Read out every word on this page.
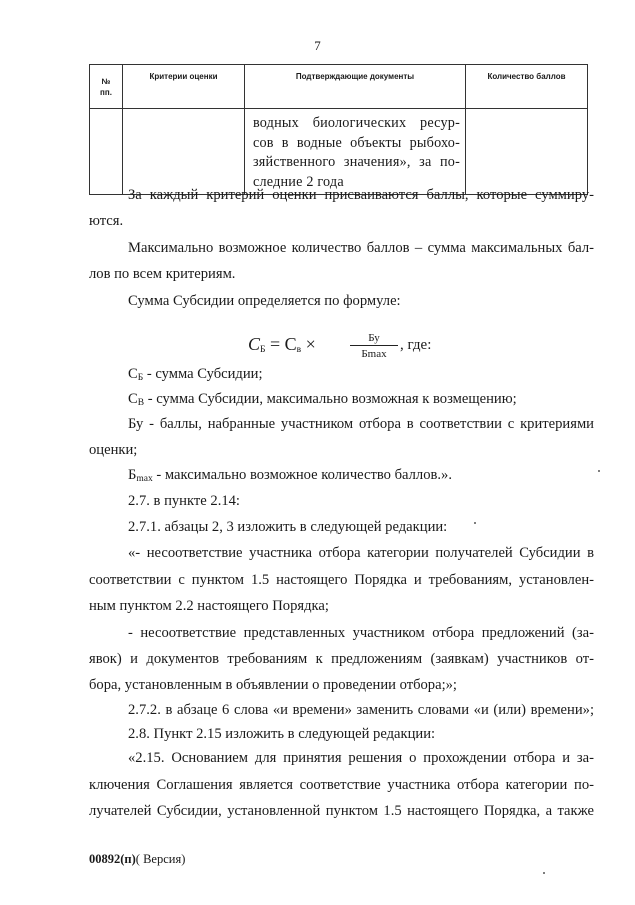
7
№
пп.	Критерии оценки	Подтверждающие документы	Количество баллов

		водных биологических ресур-
сов в водные объекты рыбохо-
зяйственного значения», за по-
следние 2 года	

За каждый критерий оценки присваиваются баллы, которые суммиру-

ются.

Максимально возможное количество баллов – сумма максимальных бал-

лов по всем критериям.

Сумма Субсидии определяется по формуле:

$С_Б = С_в$ ×	Бу
Бmax
, где:

$С_Б$ - сумма Субсидии;

$С_В$ - сумма Субсидии, максимально возможная к возмещению;

Бу - баллы, набранные участником отбора в соответствии с критериями

оценки;

$Б_{max}$ - максимально возможное количество баллов.».

2.7. в пункте 2.14:

2.7.1. абзацы 2, 3 изложить в следующей редакции:

«- несоответствие участника отбора категории получателей Субсидии в

соответствии с пунктом 1.5 настоящего Порядка и требованиям, установлен-

ным пунктом 2.2 настоящего Порядка;

- несоответствие представленных участником отбора предложений (за-

явок) и документов требованиям к предложениям (заявкам) участников от-

бора, установленным в объявлении о проведении отбора;»;

2.7.2. в абзаце 6 слова «и времени» заменить словами «и (или) времени»;

2.8. Пункт 2.15 изложить в следующей редакции:

«2.15. Основанием для принятия решения о прохождении отбора и за-

ключения Соглашения является соответствие участника отбора категории по-

лучателей Субсидии, установленной пунктом 1.5 настоящего Порядка, а также

00892(п)( Версия)
